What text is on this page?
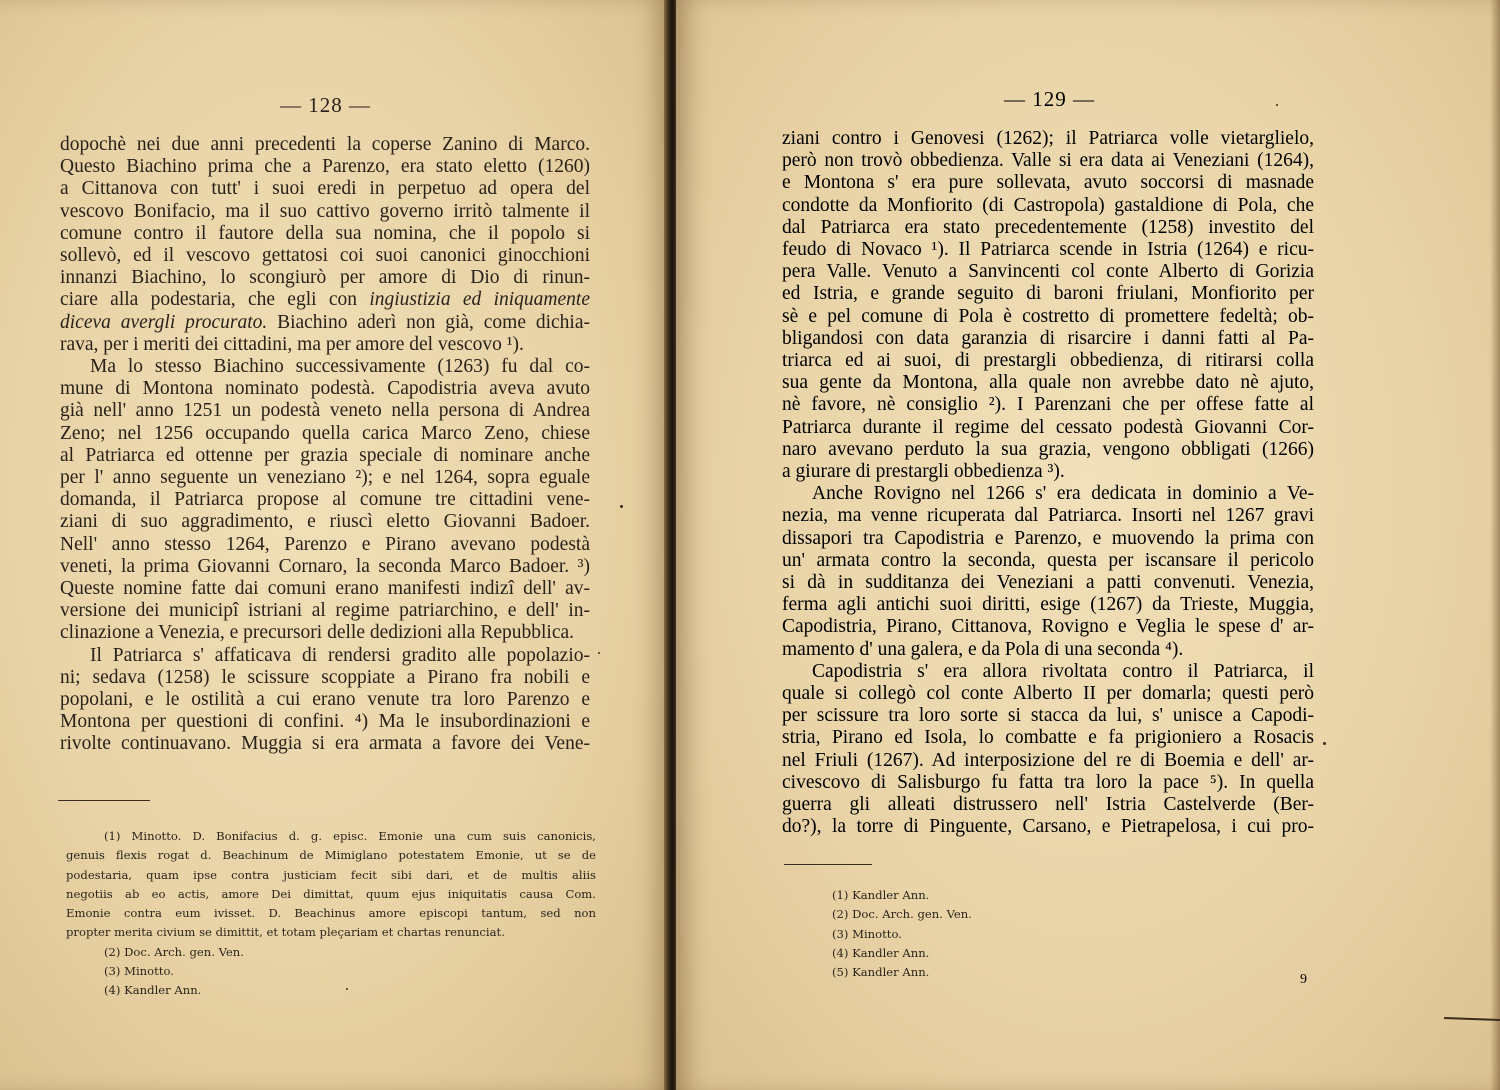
— 128 —
dopochè nei due anni precedenti la coperse Zanino di Marco.
Questo Biachino prima che a Parenzo, era stato eletto (1260)
a Cittanova con tutt' i suoi eredi in perpetuo ad opera del
vescovo Bonifacio, ma il suo cattivo governo irritò talmente il
comune contro il fautore della sua nomina, che il popolo si
sollevò, ed il vescovo gettatosi coi suoi canonici ginocchioni
innanzi Biachino, lo scongiurò per amore di Dio di rinun-
ciare alla podestaria, che egli con ingiustizia ed iniquamente
diceva avergli procurato. Biachino aderì non già, come dichia-
rava, per i meriti dei cittadini, ma per amore del vescovo ¹).
Ma lo stesso Biachino successivamente (1263) fu dal co-
mune di Montona nominato podestà. Capodistria aveva avuto
già nell' anno 1251 un podestà veneto nella persona di Andrea
Zeno; nel 1256 occupando quella carica Marco Zeno, chiese
al Patriarca ed ottenne per grazia speciale di nominare anche
per l' anno seguente un veneziano ²); e nel 1264, sopra eguale
domanda, il Patriarca propose al comune tre cittadini vene-
ziani di suo aggradimento, e riuscì eletto Giovanni Badoer.
Nell' anno stesso 1264, Parenzo e Pirano avevano podestà
veneti, la prima Giovanni Cornaro, la seconda Marco Badoer. ³)
Queste nomine fatte dai comuni erano manifesti indizî dell' av-
versione dei municipî istriani al regime patriarchino, e dell' in-
clinazione a Venezia, e precursori delle dedizioni alla Repubblica.
Il Patriarca s' affaticava di rendersi gradito alle popolazio-
ni; sedava (1258) le scissure scoppiate a Pirano fra nobili e
popolani, e le ostilità a cui erano venute tra loro Parenzo e
Montona per questioni di confini. ⁴) Ma le insubordinazioni e
rivolte continuavano. Muggia si era armata a favore dei Vene-
(1) Minotto. D. Bonifacius d. g. episc. Emonie una cum suis canonicis,
genuis flexis rogat d. Beachinum de Mimiglano potestatem Emonie, ut se de
podestaria, quam ipse contra justiciam fecit sibi dari, et de multis aliis
negotiis ab eo actis, amore Dei dimittat, quum ejus iniquitatis causa Com.
Emonie contra eum ivisset. D. Beachinus amore episcopi tantum, sed non
propter merita civium se dimittit, et totam pleçariam et chartas renunciat.
(2) Doc. Arch. gen. Ven.
(3) Minotto.
(4) Kandler Ann.
— 129 —
ziani contro i Genovesi (1262); il Patriarca volle vietarglielo,
però non trovò obbedienza. Valle si era data ai Veneziani (1264),
e Montona s' era pure sollevata, avuto soccorsi di masnade
condotte da Monfiorito (di Castropola) gastaldione di Pola, che
dal Patriarca era stato precedentemente (1258) investito del
feudo di Novaco ¹). Il Patriarca scende in Istria (1264) e ricu-
pera Valle. Venuto a Sanvincenti col conte Alberto di Gorizia
ed Istria, e grande seguito di baroni friulani, Monfiorito per
sè e pel comune di Pola è costretto di promettere fedeltà; ob-
bligandosi con data garanzia di risarcire i danni fatti al Pa-
triarca ed ai suoi, di prestargli obbedienza, di ritirarsi colla
sua gente da Montona, alla quale non avrebbe dato nè ajuto,
nè favore, nè consiglio ²). I Parenzani che per offese fatte al
Patriarca durante il regime del cessato podestà Giovanni Cor-
naro avevano perduto la sua grazia, vengono obbligati (1266)
a giurare di prestargli obbedienza ³).
Anche Rovigno nel 1266 s' era dedicata in dominio a Ve-
nezia, ma venne ricuperata dal Patriarca. Insorti nel 1267 gravi
dissapori tra Capodistria e Parenzo, e muovendo la prima con
un' armata contro la seconda, questa per iscansare il pericolo
si dà in sudditanza dei Veneziani a patti convenuti. Venezia,
ferma agli antichi suoi diritti, esige (1267) da Trieste, Muggia,
Capodistria, Pirano, Cittanova, Rovigno e Veglia le spese d' ar-
mamento d' una galera, e da Pola di una seconda ⁴).
Capodistria s' era allora rivoltata contro il Patriarca, il
quale si collegò col conte Alberto II per domarla; questi però
per scissure tra loro sorte si stacca da lui, s' unisce a Capodi-
stria, Pirano ed Isola, lo combatte e fa prigioniero a Rosacis
nel Friuli (1267). Ad interposizione del re di Boemia e dell' ar-
civescovo di Salisburgo fu fatta tra loro la pace ⁵). In quella
guerra gli alleati distrussero nell' Istria Castelverde (Ber-
do?), la torre di Pinguente, Carsano, e Pietrapelosa, i cui pro-
(1) Kandler Ann.
(2) Doc. Arch. gen. Ven.
(3) Minotto.
(4) Kandler Ann.
(5) Kandler Ann.	9
